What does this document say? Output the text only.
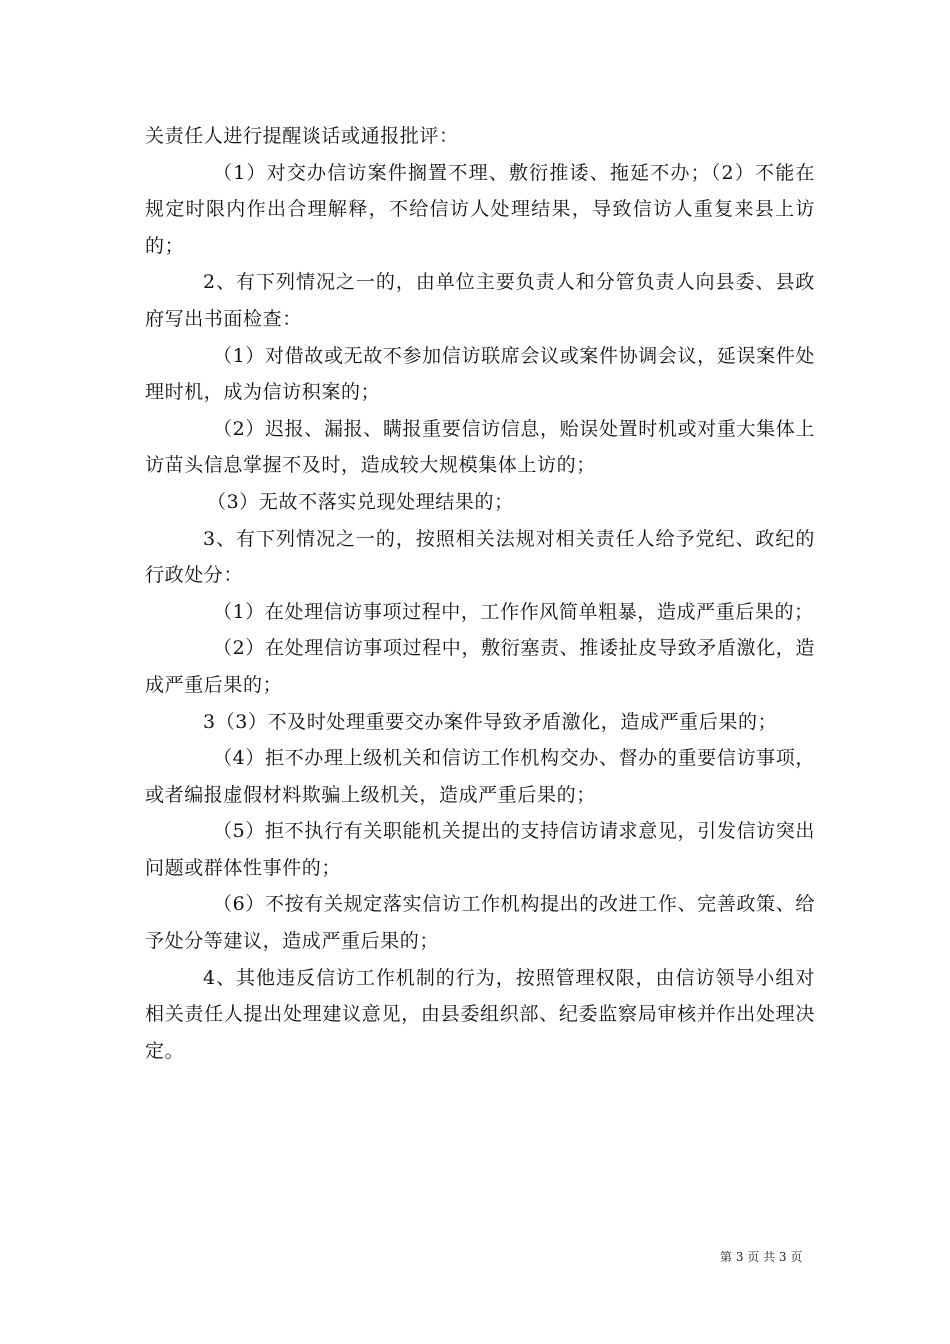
关责任人进行提醒谈话或通报批评：

（1）对交办信访案件搁置不理、敷衍推诿、拖延不办；（2）不能在规定时限内作出合理解释，不给信访人处理结果，导致信访人重复来县上访的；

2、有下列情况之一的，由单位主要负责人和分管负责人向县委、县政府写出书面检查：

（1）对借故或无故不参加信访联席会议或案件协调会议，延误案件处理时机，成为信访积案的；

（2）迟报、漏报、瞒报重要信访信息，贻误处置时机或对重大集体上访苗头信息掌握不及时，造成较大规模集体上访的；

（3）无故不落实兑现处理结果的；

3、有下列情况之一的，按照相关法规对相关责任人给予党纪、政纪的行政处分：

（1）在处理信访事项过程中，工作作风简单粗暴，造成严重后果的；

（2）在处理信访事项过程中，敷衍塞责、推诿扯皮导致矛盾激化，造成严重后果的；

3（3）不及时处理重要交办案件导致矛盾激化，造成严重后果的；

（4）拒不办理上级机关和信访工作机构交办、督办的重要信访事项，或者编报虚假材料欺骗上级机关，造成严重后果的；

（5）拒不执行有关职能机关提出的支持信访请求意见，引发信访突出问题或群体性事件的；

（6）不按有关规定落实信访工作机构提出的改进工作、完善政策、给予处分等建议，造成严重后果的；

4、其他违反信访工作机制的行为，按照管理权限，由信访领导小组对相关责任人提出处理建议意见，由县委组织部、纪委监察局审核并作出处理决定。

第 3 页 共 3 页
